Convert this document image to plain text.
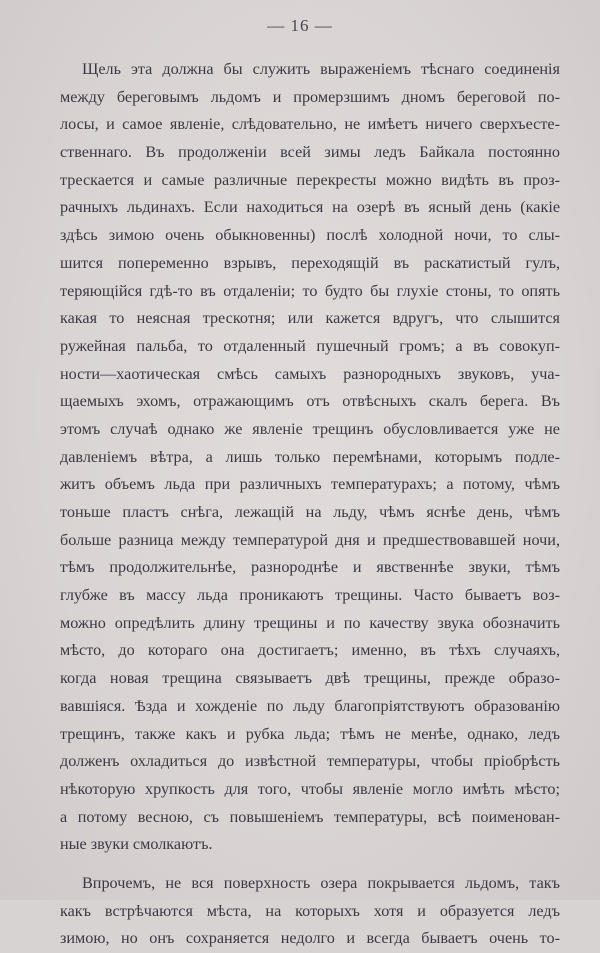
— 16 —

Щель эта должна бы служить выраженіемъ тѣснаго соединенія
между береговымъ льдомъ и промерзшимъ дномъ береговой по-
лосы, и самое явленіе, слѣдовательно, не имѣетъ ничего сверхъесте-
ственнаго. Въ продолженіи всей зимы ледъ Байкала постоянно
трескается и самые различные перекресты можно видѣть въ проз-
рачныхъ льдинахъ. Если находиться на озерѣ въ ясный день (какіе
здѣсь зимою очень обыкновенны) послѣ холодной ночи, то слы-
шится попеременно взрывъ, переходящій въ раскатистый гулъ,
теряющійся гдѣ-то въ отдаленіи; то будто бы глухіе стоны, то опять
какая то неясная трескотня; или кажется вдругъ, что слышится
ружейная пальба, то отдаленный пушечный громъ; а въ совокуп-
ности—хаотическая смѣсь самыхъ разнородныхъ звуковъ, уча-
щаемыхъ эхомъ, отражающимъ отъ отвѣсныхъ скалъ берега. Въ
этомъ случаѣ однако же явленіе трещинъ обусловливается уже не
давленіемъ вѣтра, а лишь только перемѣнами, которымъ подле-
житъ объемъ льда при различныхъ температурахъ; а потому, чѣмъ
тоньше пластъ снѣга, лежащій на льду, чѣмъ яснѣе день, чѣмъ
больше разница между температурой дня и предшествовавшей ночи,
тѣмъ продолжительнѣе, разнороднѣе и явственнѣе звуки, тѣмъ
глубже въ массу льда проникаютъ трещины. Часто бываетъ воз-
можно опредѣлить длину трещины и по качеству звука обозначить
мѣсто, до котораго она достигаетъ; именно, въ тѣхъ случаяхъ,
когда новая трещина связываетъ двѣ трещины, прежде образо-
вавшіяся. Ѣзда и хожденіе по льду благопріятствуютъ образованію
трещинъ, также какъ и рубка льда; тѣмъ не менѣе, однако, ледъ
долженъ охладиться до извѣстной температуры, чтобы пріобрѣсть
нѣкоторую хрупкость для того, чтобы явленіе могло имѣть мѣсто;
а потому весною, съ повышеніемъ температуры, всѣ поименован-
ные звуки смолкаютъ.

Впрочемъ, не вся поверхность озера покрывается льдомъ, такъ
какъ встрѣчаются мѣста, на которыхъ хотя и образуется ледъ
зимою, но онъ сохраняется недолго и всегда бываетъ очень то-
